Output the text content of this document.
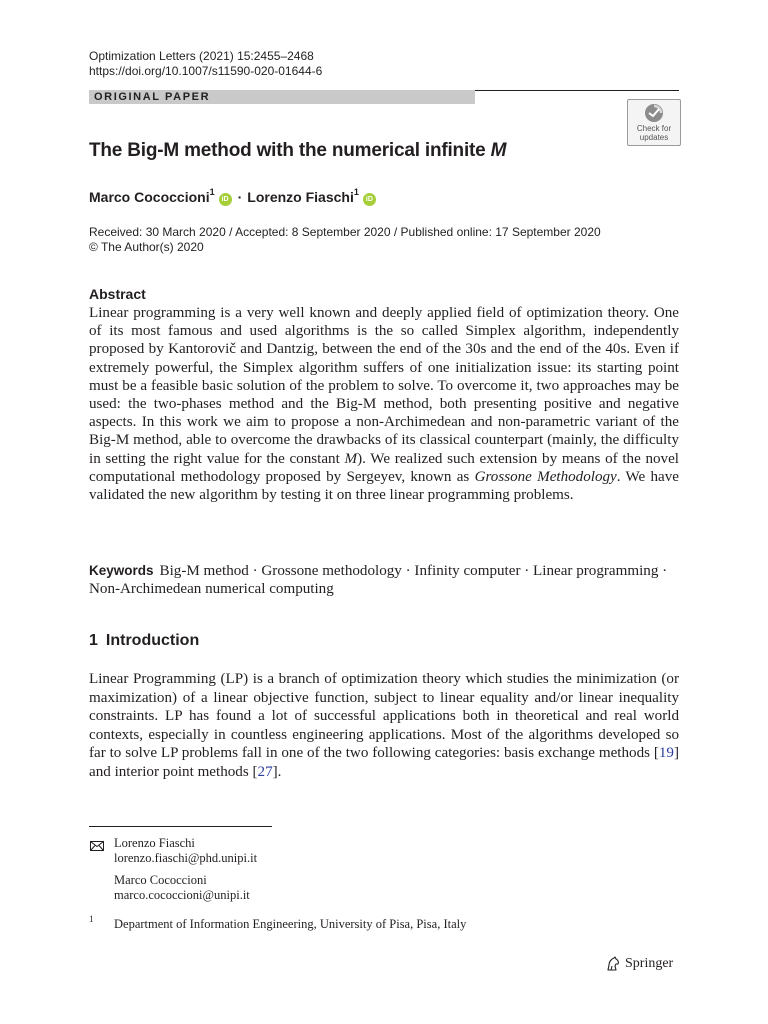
Optimization Letters (2021) 15:2455–2468
https://doi.org/10.1007/s11590-020-01644-6
ORIGINAL PAPER
Check for updates
The Big-M method with the numerical infinite M
Marco Cococcioni$^1$
iD · Lorenzo Fiaschi$^1$
iD
Received: 30 March 2020 / Accepted: 8 September 2020 / Published online: 17 September 2020
© The Author(s) 2020
Abstract
Linear programming is a very well known and deeply applied field of optimization theory. One of its most famous and used algorithms is the so called Simplex algorithm, independently proposed by Kantorovič and Dantzig, between the end of the 30s and the end of the 40s. Even if extremely powerful, the Simplex algorithm suffers of one initialization issue: its starting point must be a feasible basic solution of the problem to solve. To overcome it, two approaches may be used: the two-phases method and the Big-M method, both presenting positive and negative aspects. In this work we aim to propose a non-Archimedean and non-parametric variant of the Big-M method, able to overcome the drawbacks of its classical counterpart (mainly, the difficulty in setting the right value for the constant M). We realized such extension by means of the novel computational methodology proposed by Sergeyev, known as Grossone Methodology. We have validated the new algorithm by testing it on three linear programming problems.
Keywords Big-M method · Grossone methodology · Infinity computer · Linear programming · Non-Archimedean numerical computing
1 Introduction
Linear Programming (LP) is a branch of optimization theory which studies the minimization (or maximization) of a linear objective function, subject to linear equality and/or linear inequality constraints. LP has found a lot of successful applications both in theoretical and real world contexts, especially in countless engineering applications. Most of the algorithms developed so far to solve LP problems fall in one of the two following categories: basis exchange methods [19] and interior point methods [27].
Lorenzo Fiaschi
lorenzo.fiaschi@phd.unipi.it
Marco Cococcioni
marco.cococcioni@unipi.it
1 Department of Information Engineering, University of Pisa, Pisa, Italy
Springer
